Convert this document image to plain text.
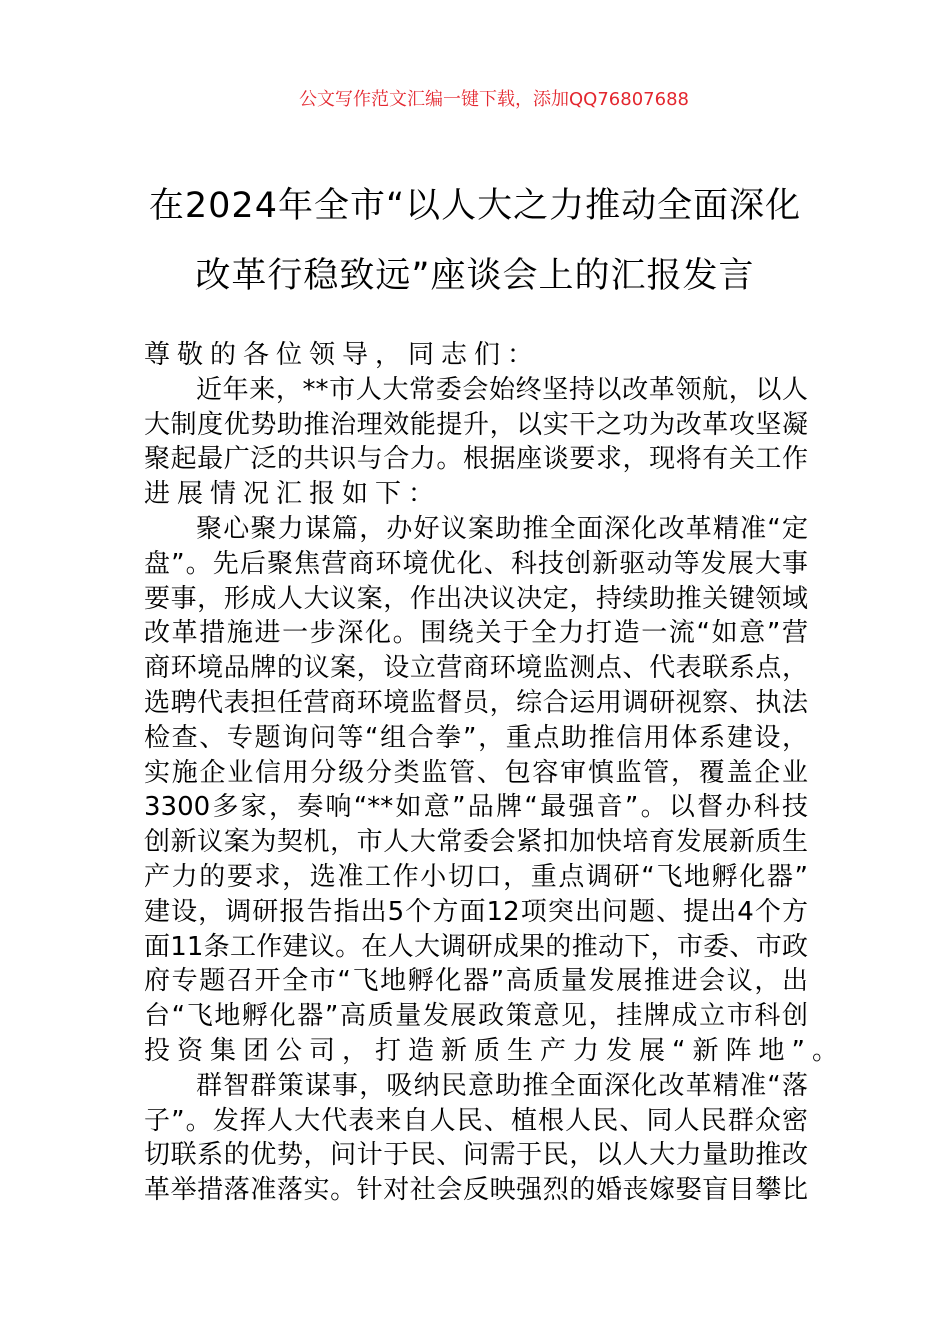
公文写作范文汇编一键下载，添加QQ76807688
在2024年全市“以人大之力推动全面深化
改革行稳致远”座谈会上的汇报发言
尊敬的各位领导，同志们：
近年来，**市人大常委会始终坚持以改革领航，以人
大制度优势助推治理效能提升，以实干之功为改革攻坚凝
聚起最广泛的共识与合力。根据座谈要求，现将有关工作
进展情况汇报如下：
聚心聚力谋篇，办好议案助推全面深化改革精准“定
盘”。先后聚焦营商环境优化、科技创新驱动等发展大事
要事，形成人大议案，作出决议决定，持续助推关键领域
改革措施进一步深化。围绕关于全力打造一流“如意”营
商环境品牌的议案，设立营商环境监测点、代表联系点，
选聘代表担任营商环境监督员，综合运用调研视察、执法
检查、专题询问等“组合拳”，重点助推信用体系建设，
实施企业信用分级分类监管、包容审慎监管，覆盖企业
3300多家，奏响“**如意”品牌“最强音”。以督办科技
创新议案为契机，市人大常委会紧扣加快培育发展新质生
产力的要求，选准工作小切口，重点调研“飞地孵化器”
建设，调研报告指出5个方面12项突出问题、提出4个方
面11条工作建议。在人大调研成果的推动下，市委、市政
府专题召开全市“飞地孵化器”高质量发展推进会议，出
台“飞地孵化器”高质量发展政策意见，挂牌成立市科创
投资集团公司，打造新质生产力发展“新阵地”。
群智群策谋事，吸纳民意助推全面深化改革精准“落
子”。发挥人大代表来自人民、植根人民、同人民群众密
切联系的优势，问计于民、问需于民，以人大力量助推改
革举措落准落实。针对社会反映强烈的婚丧嫁娶盲目攀比
